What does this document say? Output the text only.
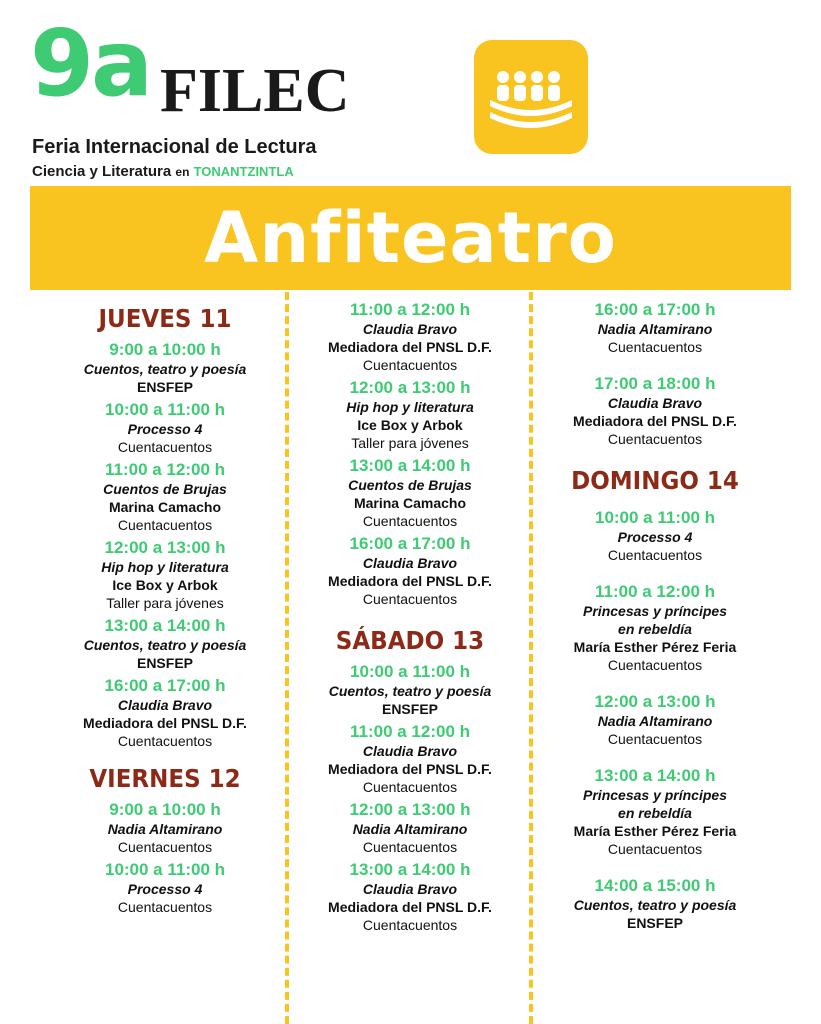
9a FILEC
Feria Internacional de Lectura
Ciencia y Literatura en TONANTZINTLA
Anfiteatro
JUEVES 11
9:00 a 10:00 h
Cuentos, teatro y poesía
ENSFEP
10:00 a 11:00 h
Processo 4
Cuentacuentos
11:00 a 12:00 h
Cuentos de Brujas
Marina Camacho
Cuentacuentos
12:00 a 13:00 h
Hip hop y literatura
Ice Box y Arbok
Taller para jóvenes
13:00 a 14:00 h
Cuentos, teatro y poesía
ENSFEP
16:00 a 17:00 h
Claudia Bravo
Mediadora del PNSL D.F.
Cuentacuentos
VIERNES 12
9:00 a 10:00 h
Nadia Altamirano
Cuentacuentos
10:00 a 11:00 h
Processo 4
Cuentacuentos
11:00 a 12:00 h
Claudia Bravo
Mediadora del PNSL D.F.
Cuentacuentos
12:00 a 13:00 h
Hip hop y literatura
Ice Box y Arbok
Taller para jóvenes
13:00 a 14:00 h
Cuentos de Brujas
Marina Camacho
Cuentacuentos
16:00 a 17:00 h
Claudia Bravo
Mediadora del PNSL D.F.
Cuentacuentos
SÁBADO 13
10:00 a 11:00 h
Cuentos, teatro y poesía
ENSFEP
11:00 a 12:00 h
Claudia Bravo
Mediadora del PNSL D.F.
Cuentacuentos
12:00 a 13:00 h
Nadia Altamirano
Cuentacuentos
13:00 a 14:00 h
Claudia Bravo
Mediadora del PNSL D.F.
Cuentacuentos
16:00 a 17:00 h
Nadia Altamirano
Cuentacuentos
17:00 a 18:00 h
Claudia Bravo
Mediadora del PNSL D.F.
Cuentacuentos
DOMINGO 14
10:00 a 11:00 h
Processo 4
Cuentacuentos
11:00 a 12:00 h
Princesas y príncipes
en rebeldía
María Esther Pérez Feria
Cuentacuentos
12:00 a 13:00 h
Nadia Altamirano
Cuentacuentos
13:00 a 14:00 h
Princesas y príncipes
en rebeldía
María Esther Pérez Feria
Cuentacuentos
14:00 a 15:00 h
Cuentos, teatro y poesía
ENSFEP
